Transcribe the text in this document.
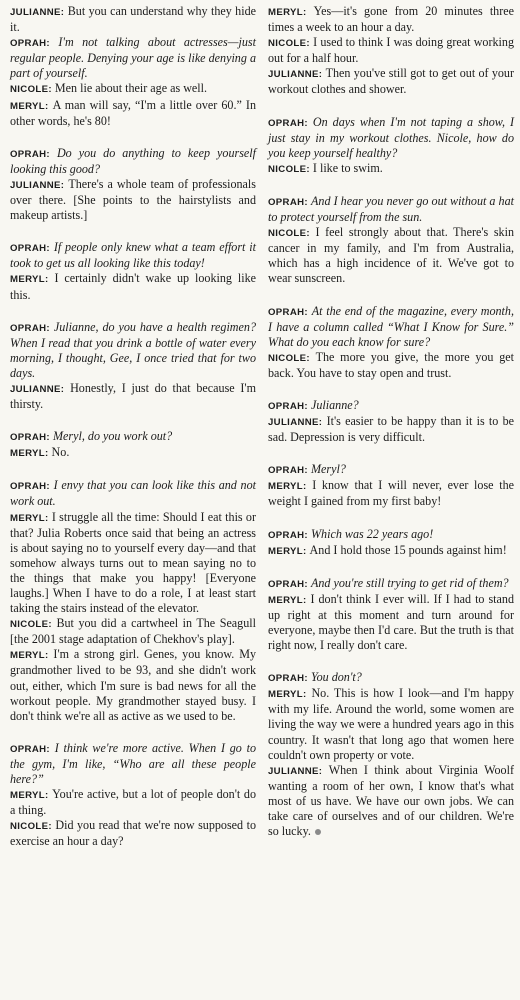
JULIANNE : But you can understand why they hide it.

OPRAH : I'm not talking about actresses—just regular people. Denying your age is like denying a part of yourself.

NICOLE : Men lie about their age as well.

MERYL : A man will say, “I'm a little over 60.” In other words, he's 80!

OPRAH : Do you do anything to keep yourself looking this good?

JULIANNE : There's a whole team of professionals over there. [She points to the hairstylists and makeup artists.]

OPRAH : If people only knew what a team effort it took to get us all looking like this today!

MERYL : I certainly didn't wake up looking like this.

OPRAH : Julianne, do you have a health regimen? When I read that you drink a bottle of water every morning, I thought, Gee, I once tried that for two days.

JULIANNE : Honestly, I just do that because I'm thirsty.

OPRAH : Meryl, do you work out?

MERYL : No.

OPRAH : I envy that you can look like this and not work out.

MERYL : I struggle all the time: Should I eat this or that? Julia Roberts once said that being an actress is about saying no to yourself every day—and that somehow always turns out to mean saying no to the things that make you happy! [Everyone laughs.] When I have to do a role, I at least start taking the stairs instead of the elevator.

NICOLE : But you did a cartwheel in The Seagull [the 2001 stage adaptation of Chekhov's play].

MERYL : I'm a strong girl. Genes, you know. My grandmother lived to be 93, and she didn't work out, either, which I'm sure is bad news for all the workout people. My grandmother stayed busy. I don't think we're all as active as we used to be.

OPRAH : I think we're more active. When I go to the gym, I'm like, “Who are all these people here?”

MERYL : You're active, but a lot of people don't do a thing.

NICOLE : Did you read that we're now supposed to exercise an hour a day?

MERYL : Yes—it's gone from 20 minutes three times a week to an hour a day.

NICOLE : I used to think I was doing great working out for a half hour.

JULIANNE : Then you've still got to get out of your workout clothes and shower.

OPRAH : On days when I'm not taping a show, I just stay in my workout clothes. Nicole, how do you keep yourself healthy?

NICOLE : I like to swim.

OPRAH : And I hear you never go out without a hat to protect yourself from the sun.

NICOLE : I feel strongly about that. There's skin cancer in my family, and I'm from Australia, which has a high incidence of it. We've got to wear sunscreen.

OPRAH : At the end of the magazine, every month, I have a column called “What I Know for Sure.” What do you each know for sure?

NICOLE : The more you give, the more you get back. You have to stay open and trust.

OPRAH : Julianne?

JULIANNE : It's easier to be happy than it is to be sad. Depression is very difficult.

OPRAH : Meryl?

MERYL : I know that I will never, ever lose the weight I gained from my first baby!

OPRAH : Which was 22 years ago!

MERYL : And I hold those 15 pounds against him!

OPRAH : And you're still trying to get rid of them?

MERYL : I don't think I ever will. If I had to stand up right at this moment and turn around for everyone, maybe then I'd care. But the truth is that right now, I really don't care.

OPRAH : You don't?

MERYL : No. This is how I look—and I'm happy with my life. Around the world, some women are living the way we were a hundred years ago in this country. It wasn't that long ago that women here couldn't own property or vote.

JULIANNE : When I think about Virginia Woolf wanting a room of her own, I know that's what most of us have. We have our own jobs. We can take care of ourselves and of our children. We're so lucky.
